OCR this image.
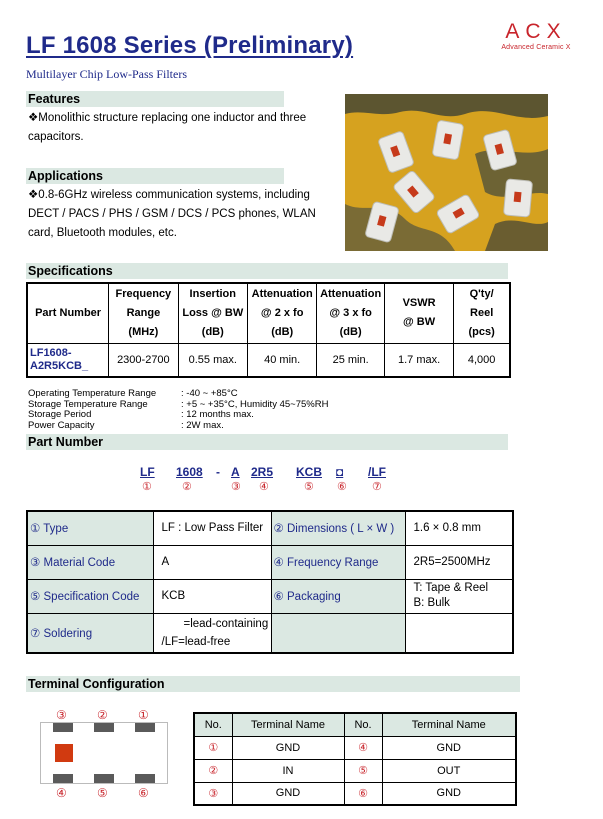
LF 1608 Series (Preliminary)
Multilayer Chip Low-Pass Filters
ACX
Advanced Ceramic X
Features
❖Monolithic structure replacing one inductor and three capacitors.
Applications
❖0.8-6GHz wireless communication systems, including DECT / PACS / PHS / GSM / DCS / PCS phones, WLAN card, Bluetooth modules, etc.
Specifications
Part Number	Frequency
Range
(MHz)	Insertion
Loss @ BW
(dB)	Attenuation
@ 2 x fo
(dB)	Attenuation
@ 3 x fo
(dB)	VSWR
@ BW	Q'ty/
Reel
(pcs)
LF1608-
A2R5KCB_	2300-2700	0.55 max.	40 min.	25 min.	1.7 max.	4,000
Operating Temperature Range	: -40 ~ +85°C
Storage Temperature Range	: +5 ~ +35°C, Humidity 45~75%RH
Storage Period	: 12 months max.
Power Capacity	: 2W max.
Part Number
LF 1608 - A 2R5 KCB ◘ /LF
①	②	③ ④	⑤ ⑥ ⑦
① Type	LF : Low Pass Filter	② Dimensions ( L × W )	1.6 × 0.8 mm
③ Material Code	A	④ Frequency Range	2R5=2500MHz
⑤ Specification Code	KCB	⑥ Packaging	T: Tape & Reel
B: Bulk
⑦ Soldering	=lead-containing
/LF=lead-free		
Terminal Configuration
③	②	①
④	⑤	⑥
No.	Terminal Name	No.	Terminal Name
①	GND	④	GND
②	IN	⑤	OUT
③	GND	⑥	GND
